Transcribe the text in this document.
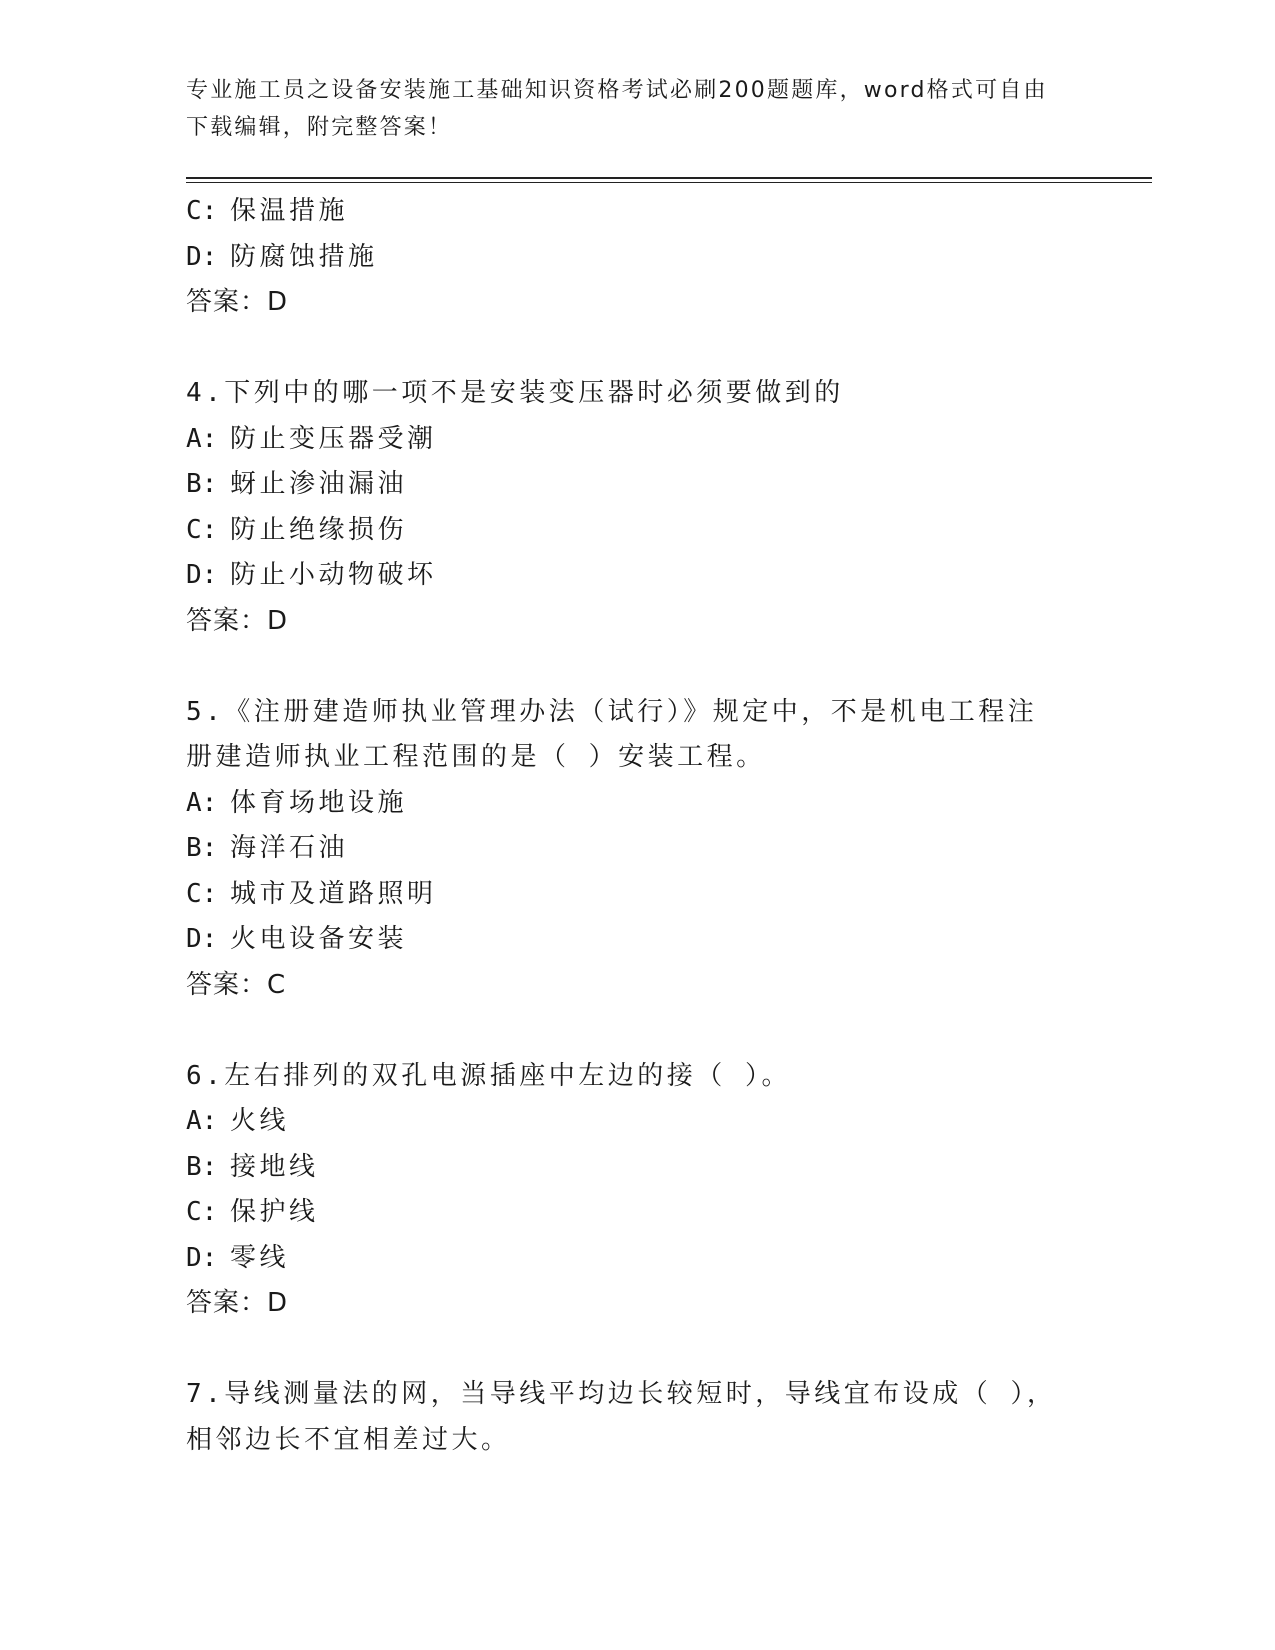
专业施工员之设备安装施工基础知识资格考试必刷200题题库，word格式可自由下载编辑，附完整答案！
C: 保温措施
D: 防腐蚀措施
答案：D
4.下列中的哪一项不是安装变压器时必须要做到的
A: 防止变压器受潮
B: 蚜止渗油漏油
C: 防止绝缘损伤
D: 防止小动物破坏
答案：D
5.《注册建造师执业管理办法（试行）》规定中，不是机电工程注册建造师执业工程范围的是（ ）安装工程。
A: 体育场地设施
B: 海洋石油
C: 城市及道路照明
D: 火电设备安装
答案：C
6.左右排列的双孔电源插座中左边的接（ ）。
A: 火线
B: 接地线
C: 保护线
D: 零线
答案：D
7.导线测量法的网，当导线平均边长较短时，导线宜布设成（ ），相邻边长不宜相差过大。
